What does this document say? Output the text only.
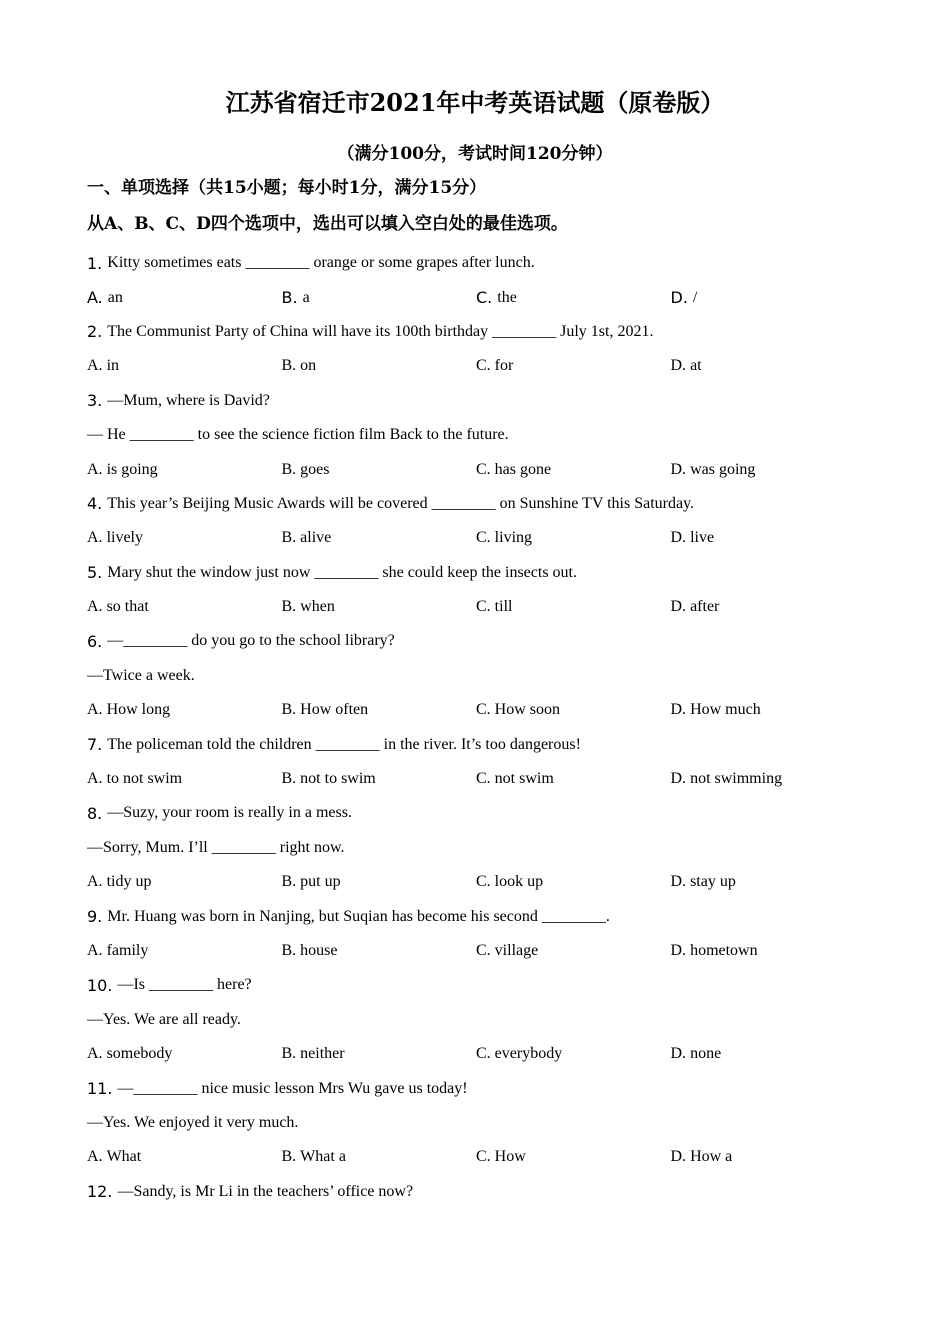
江苏省宿迁市2021年中考英语试题（原卷版）
（满分100分，考试时间120分钟）
一、单项选择（共15小题；每小时1分，满分15分）
从A、B、C、D四个选项中，选出可以填入空白处的最佳选项。
1. Kitty sometimes eats ________ orange or some grapes after lunch.
A. an	B. a	C. the	D. /
2. The Communist Party of China will have its 100th birthday ________ July 1st, 2021.
A. in	B. on	C. for	D. at
3. —Mum, where is David?
— He ________ to see the science fiction film Back to the future.
A. is going	B. goes	C. has gone	D. was going
4. This year’s Beijing Music Awards will be covered ________ on Sunshine TV this Saturday.
A. lively	B. alive	C. living	D. live
5. Mary shut the window just now ________ she could keep the insects out.
A. so that	B. when	C. till	D. after
6. —________ do you go to the school library?
—Twice a week.
A. How long	B. How often	C. How soon	D. How much
7. The policeman told the children ________ in the river. It’s too dangerous!
A. to not swim	B. not to swim	C. not swim	D. not swimming
8. —Suzy, your room is really in a mess.
—Sorry, Mum. I’ll ________ right now.
A. tidy up	B. put up	C. look up	D. stay up
9. Mr. Huang was born in Nanjing, but Suqian has become his second ________.
A. family	B. house	C. village	D. hometown
10. —Is ________ here?
—Yes. We are all ready.
A. somebody	B. neither	C. everybody	D. none
11. —________ nice music lesson Mrs Wu gave us today!
—Yes. We enjoyed it very much.
A. What	B. What a	C. How	D. How a
12. —Sandy, is Mr Li in the teachers’ office now?
